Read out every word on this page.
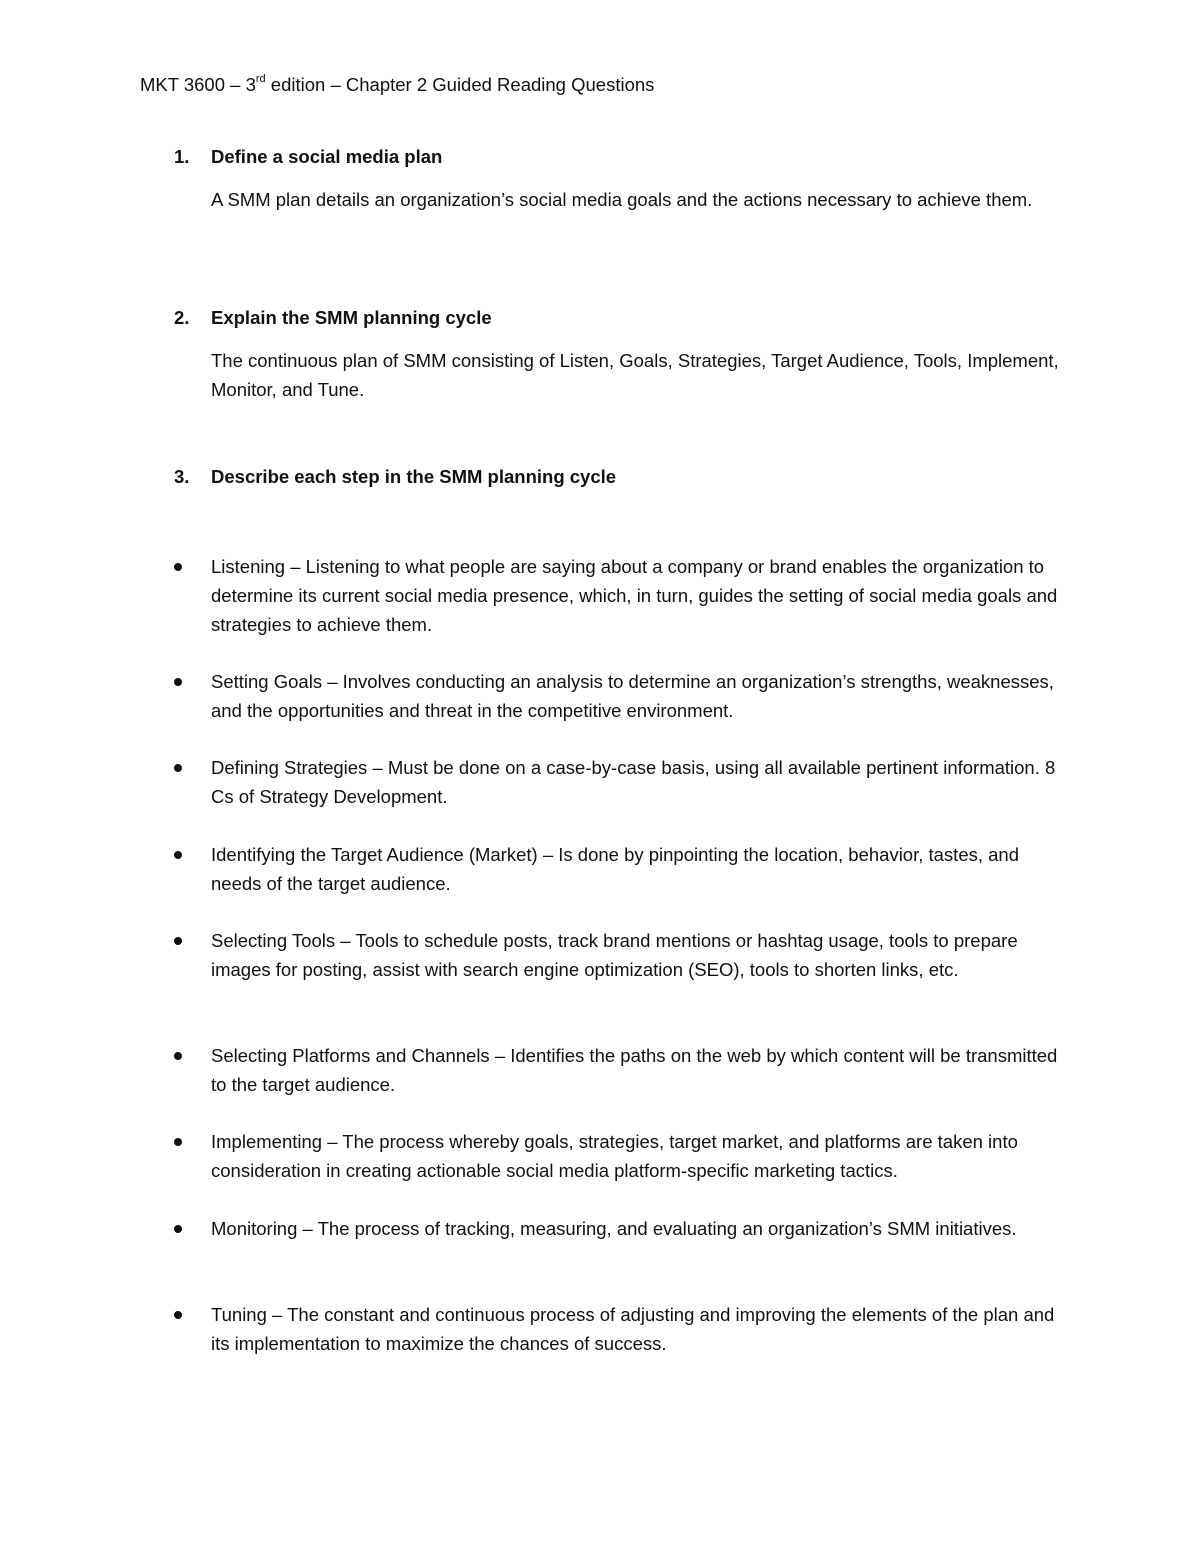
MKT 3600 – 3rd edition – Chapter 2 Guided Reading Questions
1. Define a social media plan
A SMM plan details an organization’s social media goals and the actions necessary to achieve them.
2. Explain the SMM planning cycle
The continuous plan of SMM consisting of Listen, Goals, Strategies, Target Audience, Tools, Implement, Monitor, and Tune.
3. Describe each step in the SMM planning cycle
Listening – Listening to what people are saying about a company or brand enables the organization to determine its current social media presence, which, in turn, guides the setting of social media goals and strategies to achieve them.
Setting Goals – Involves conducting an analysis to determine an organization’s strengths, weaknesses, and the opportunities and threat in the competitive environment.
Defining Strategies – Must be done on a case-by-case basis, using all available pertinent information. 8 Cs of Strategy Development.
Identifying the Target Audience (Market) – Is done by pinpointing the location, behavior, tastes, and needs of the target audience.
Selecting Tools – Tools to schedule posts, track brand mentions or hashtag usage, tools to prepare images for posting, assist with search engine optimization (SEO), tools to shorten links, etc.
Selecting Platforms and Channels – Identifies the paths on the web by which content will be transmitted to the target audience.
Implementing – The process whereby goals, strategies, target market, and platforms are taken into consideration in creating actionable social media platform-specific marketing tactics.
Monitoring – The process of tracking, measuring, and evaluating an organization’s SMM initiatives.
Tuning – The constant and continuous process of adjusting and improving the elements of the plan and its implementation to maximize the chances of success.
